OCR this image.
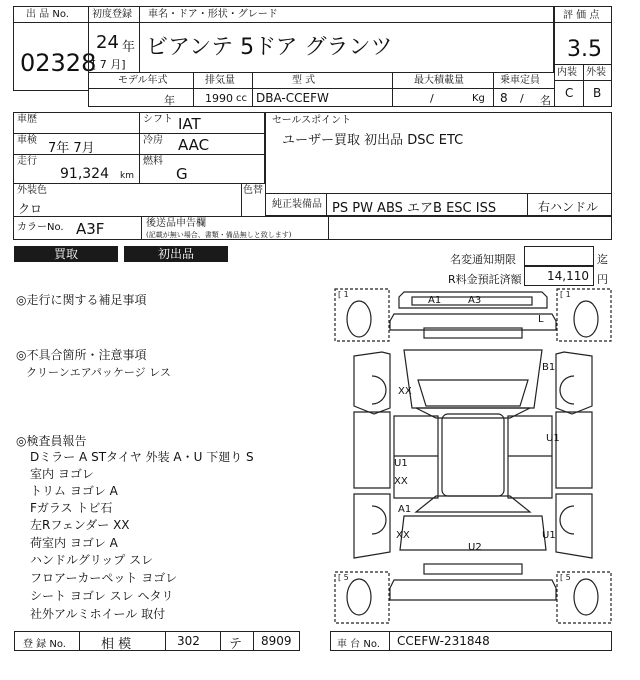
出 品 No.
02328
初度登録 車名・ドア・形状・グレード
24 年
[ 7 月]
ビアンテ 5ドア グランツ
評 価 点
3.5
内装 外装
C B
モデル年式	排気量	型 式	最大積載量	乗車定員
年	1990 cc DBA-CCEFW	/	Kg 8 / 名
車歴
車検
7年 7月
走行
91,324 km
シフト IAT
冷房 AAC
燃料
G
セールスポイント
ユーザー買取 初出品 DSC ETC
外装色
クロ
色替
純正装備品 PS PW ABS エアB ESC ISS	右ハンドル
カラーNo. A3F	後送品申告欄
(記載が無い場合、書類・備品無しと致します)
買取	初出品	名変通知期限	迄
R料金預託済額 14,110 円
◎走行に関する補足事項
◎不具合箇所・注意事項
クリーンエアパッケージ レス
◎検査員報告
Dミラー A STタイヤ 外装 A・U 下廻り S
室内 ヨゴレ
トリム ヨゴレ A
Fガラス トビ石
左Rフェンダー XX
荷室内 ヨゴレ A
ハンドルグリップ スレ
フロアーカーペット ヨゴレ
シート ヨゴレ スレ ヘタリ
社外アルミホイール 取付
[ 1	[ 1
[ 5	[ 5
A1	A3
L
B1
XX
U1
U1
XX
A1
XX	U1
U2
登 録 No.	相 模	302 テ 8909	車 台 No. CCEFW-231848
